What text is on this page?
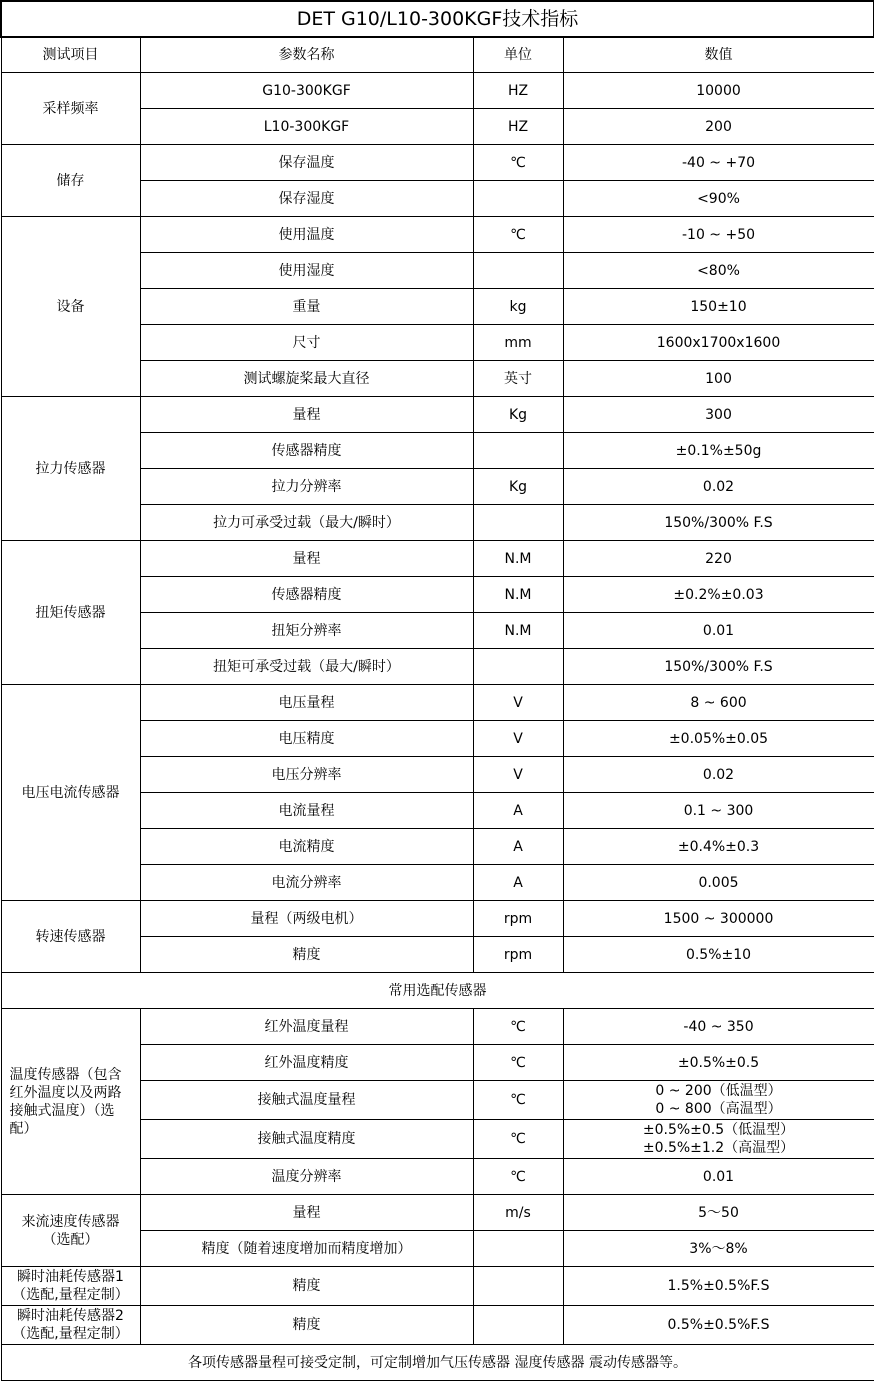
DET G10/L10-300KGF技术指标			
测试项目	参数名称	单位	数值
采样频率	G10-300KGF	HZ	10000
	L10-300KGF	HZ	200
储存	保存温度	℃	-40 ~ +70
	保存湿度		<90%
设备	使用温度	℃	-10 ~ +50
	使用湿度		<80%
	重量	kg	150±10
	尺寸	mm	1600x1700x1600
	测试螺旋桨最大直径	英寸	100
拉力传感器	量程	Kg	300
	传感器精度		±0.1%±50g
	拉力分辨率	Kg	0.02
	拉力可承受过载（最大/瞬时）		150%/300% F.S
扭矩传感器	量程	N.M	220
	传感器精度	N.M	±0.2%±0.03
	扭矩分辨率	N.M	0.01
	扭矩可承受过载（最大/瞬时）		150%/300% F.S
电压电流传感器	电压量程	V	8 ~ 600
	电压精度	V	±0.05%±0.05
	电压分辨率	V	0.02
	电流量程	A	0.1 ~ 300
	电流精度	A	±0.4%±0.3
	电流分辨率	A	0.005
转速传感器	量程（两级电机）	rpm	1500 ~ 300000
	精度	rpm	0.5%±10
常用选配传感器			
温度传感器（包含红外温度以及两路接触式温度）（选配）	红外温度量程	℃	-40 ~ 350

	红外温度精度	℃	±0.5%±0.5

	接触式温度量程	℃	0 ~ 200（低温型）
0 ~ 800（高温型）

	接触式温度精度	℃	±0.5%±0.5（低温型）
±0.5%±1.2（高温型）

	温度分辨率	℃	0.01

来流速度传感器
（选配）	量程	m/s	5～50
	精度（随着速度增加而精度增加）		3%～8%

瞬时油耗传感器1
（选配,量程定制）	精度		1.5%±0.5%F.S

瞬时油耗传感器2
（选配,量程定制）	精度		0.5%±0.5%F.S
各项传感器量程可接受定制，可定制增加气压传感器 湿度传感器 震动传感器等。			
